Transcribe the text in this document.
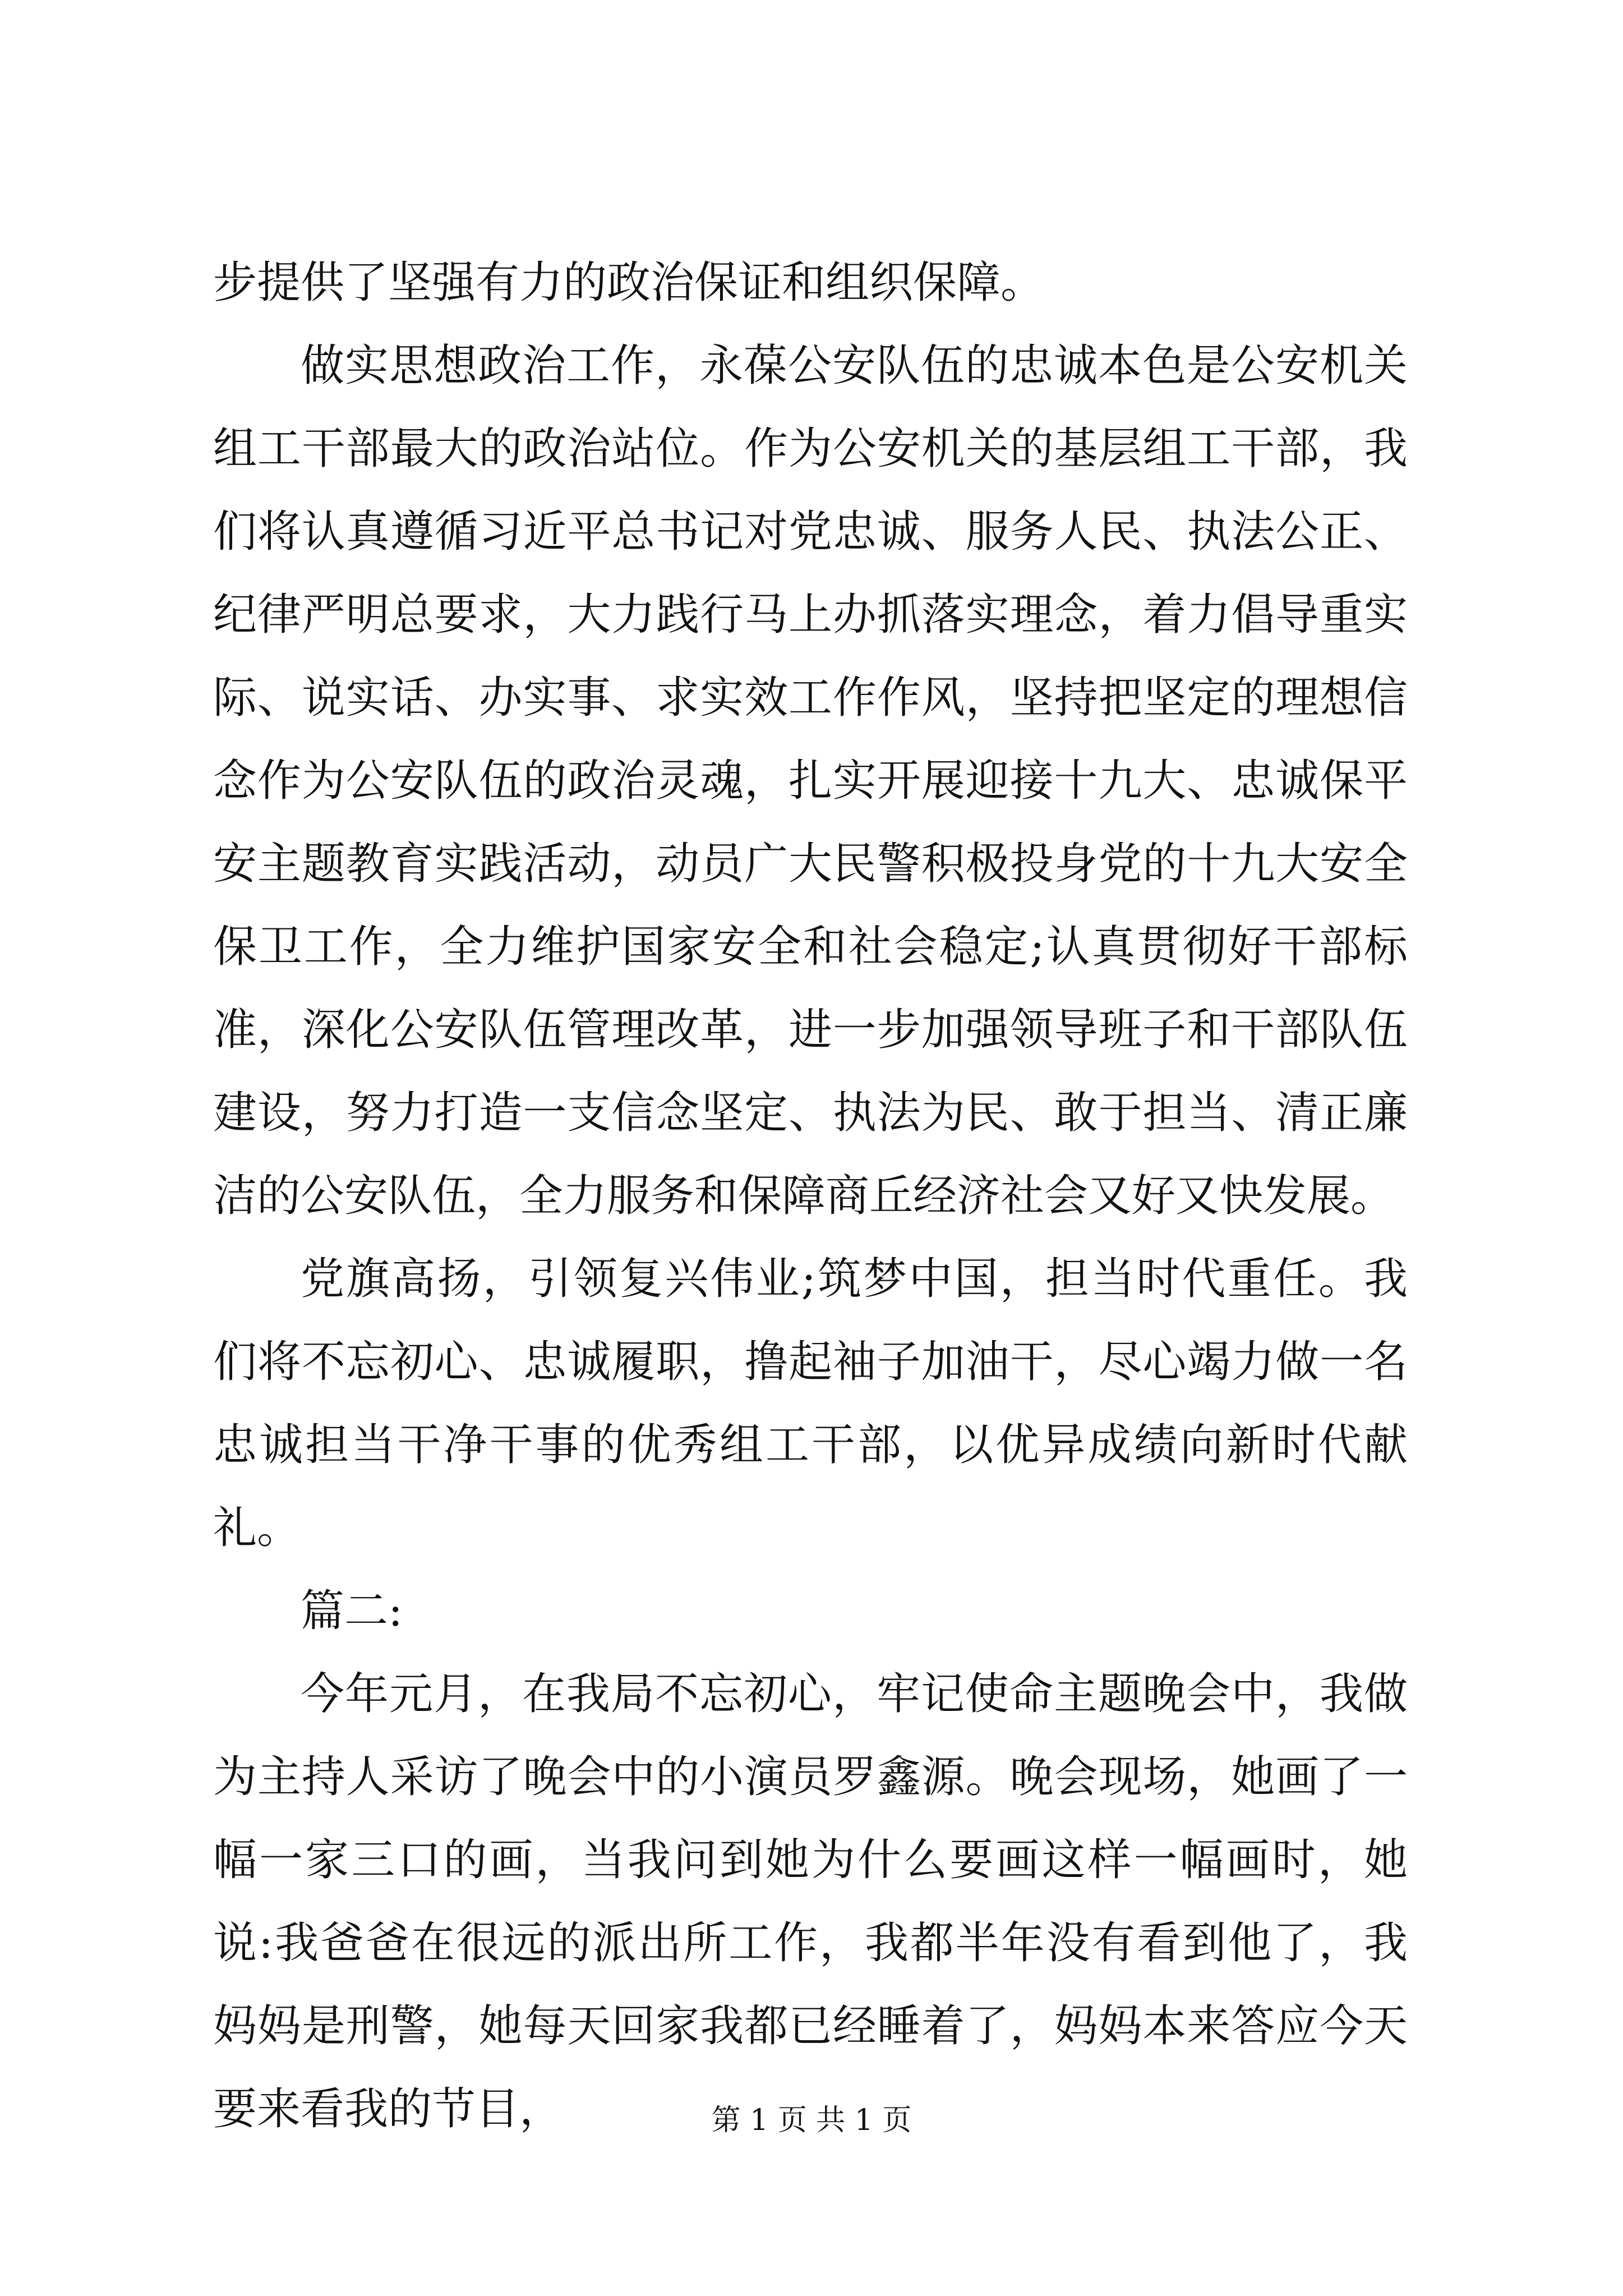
步提供了坚强有力的政治保证和组织保障。

做实思想政治工作，永葆公安队伍的忠诚本色是公安机关组工干部最大的政治站位。作为公安机关的基层组工干部，我们将认真遵循习近平总书记对党忠诚、服务人民、执法公正、纪律严明总要求，大力践行马上办抓落实理念，着力倡导重实际、说实话、办实事、求实效工作作风，坚持把坚定的理想信念作为公安队伍的政治灵魂，扎实开展迎接十九大、忠诚保平安主题教育实践活动，动员广大民警积极投身党的十九大安全保卫工作，全力维护国家安全和社会稳定;认真贯彻好干部标准，深化公安队伍管理改革，进一步加强领导班子和干部队伍建设，努力打造一支信念坚定、执法为民、敢于担当、清正廉洁的公安队伍，全力服务和保障商丘经济社会又好又快发展。

党旗高扬，引领复兴伟业;筑梦中国，担当时代重任。我们将不忘初心、忠诚履职，撸起袖子加油干，尽心竭力做一名忠诚担当干净干事的优秀组工干部，以优异成绩向新时代献礼。

篇二:

今年元月，在我局不忘初心，牢记使命主题晚会中，我做为主持人采访了晚会中的小演员罗鑫源。晚会现场，她画了一幅一家三口的画，当我问到她为什么要画这样一幅画时，她说:我爸爸在很远的派出所工作，我都半年没有看到他了，我妈妈是刑警，她每天回家我都已经睡着了，妈妈本来答应今天要来看我的节目，	第 1 页 共 1 页
